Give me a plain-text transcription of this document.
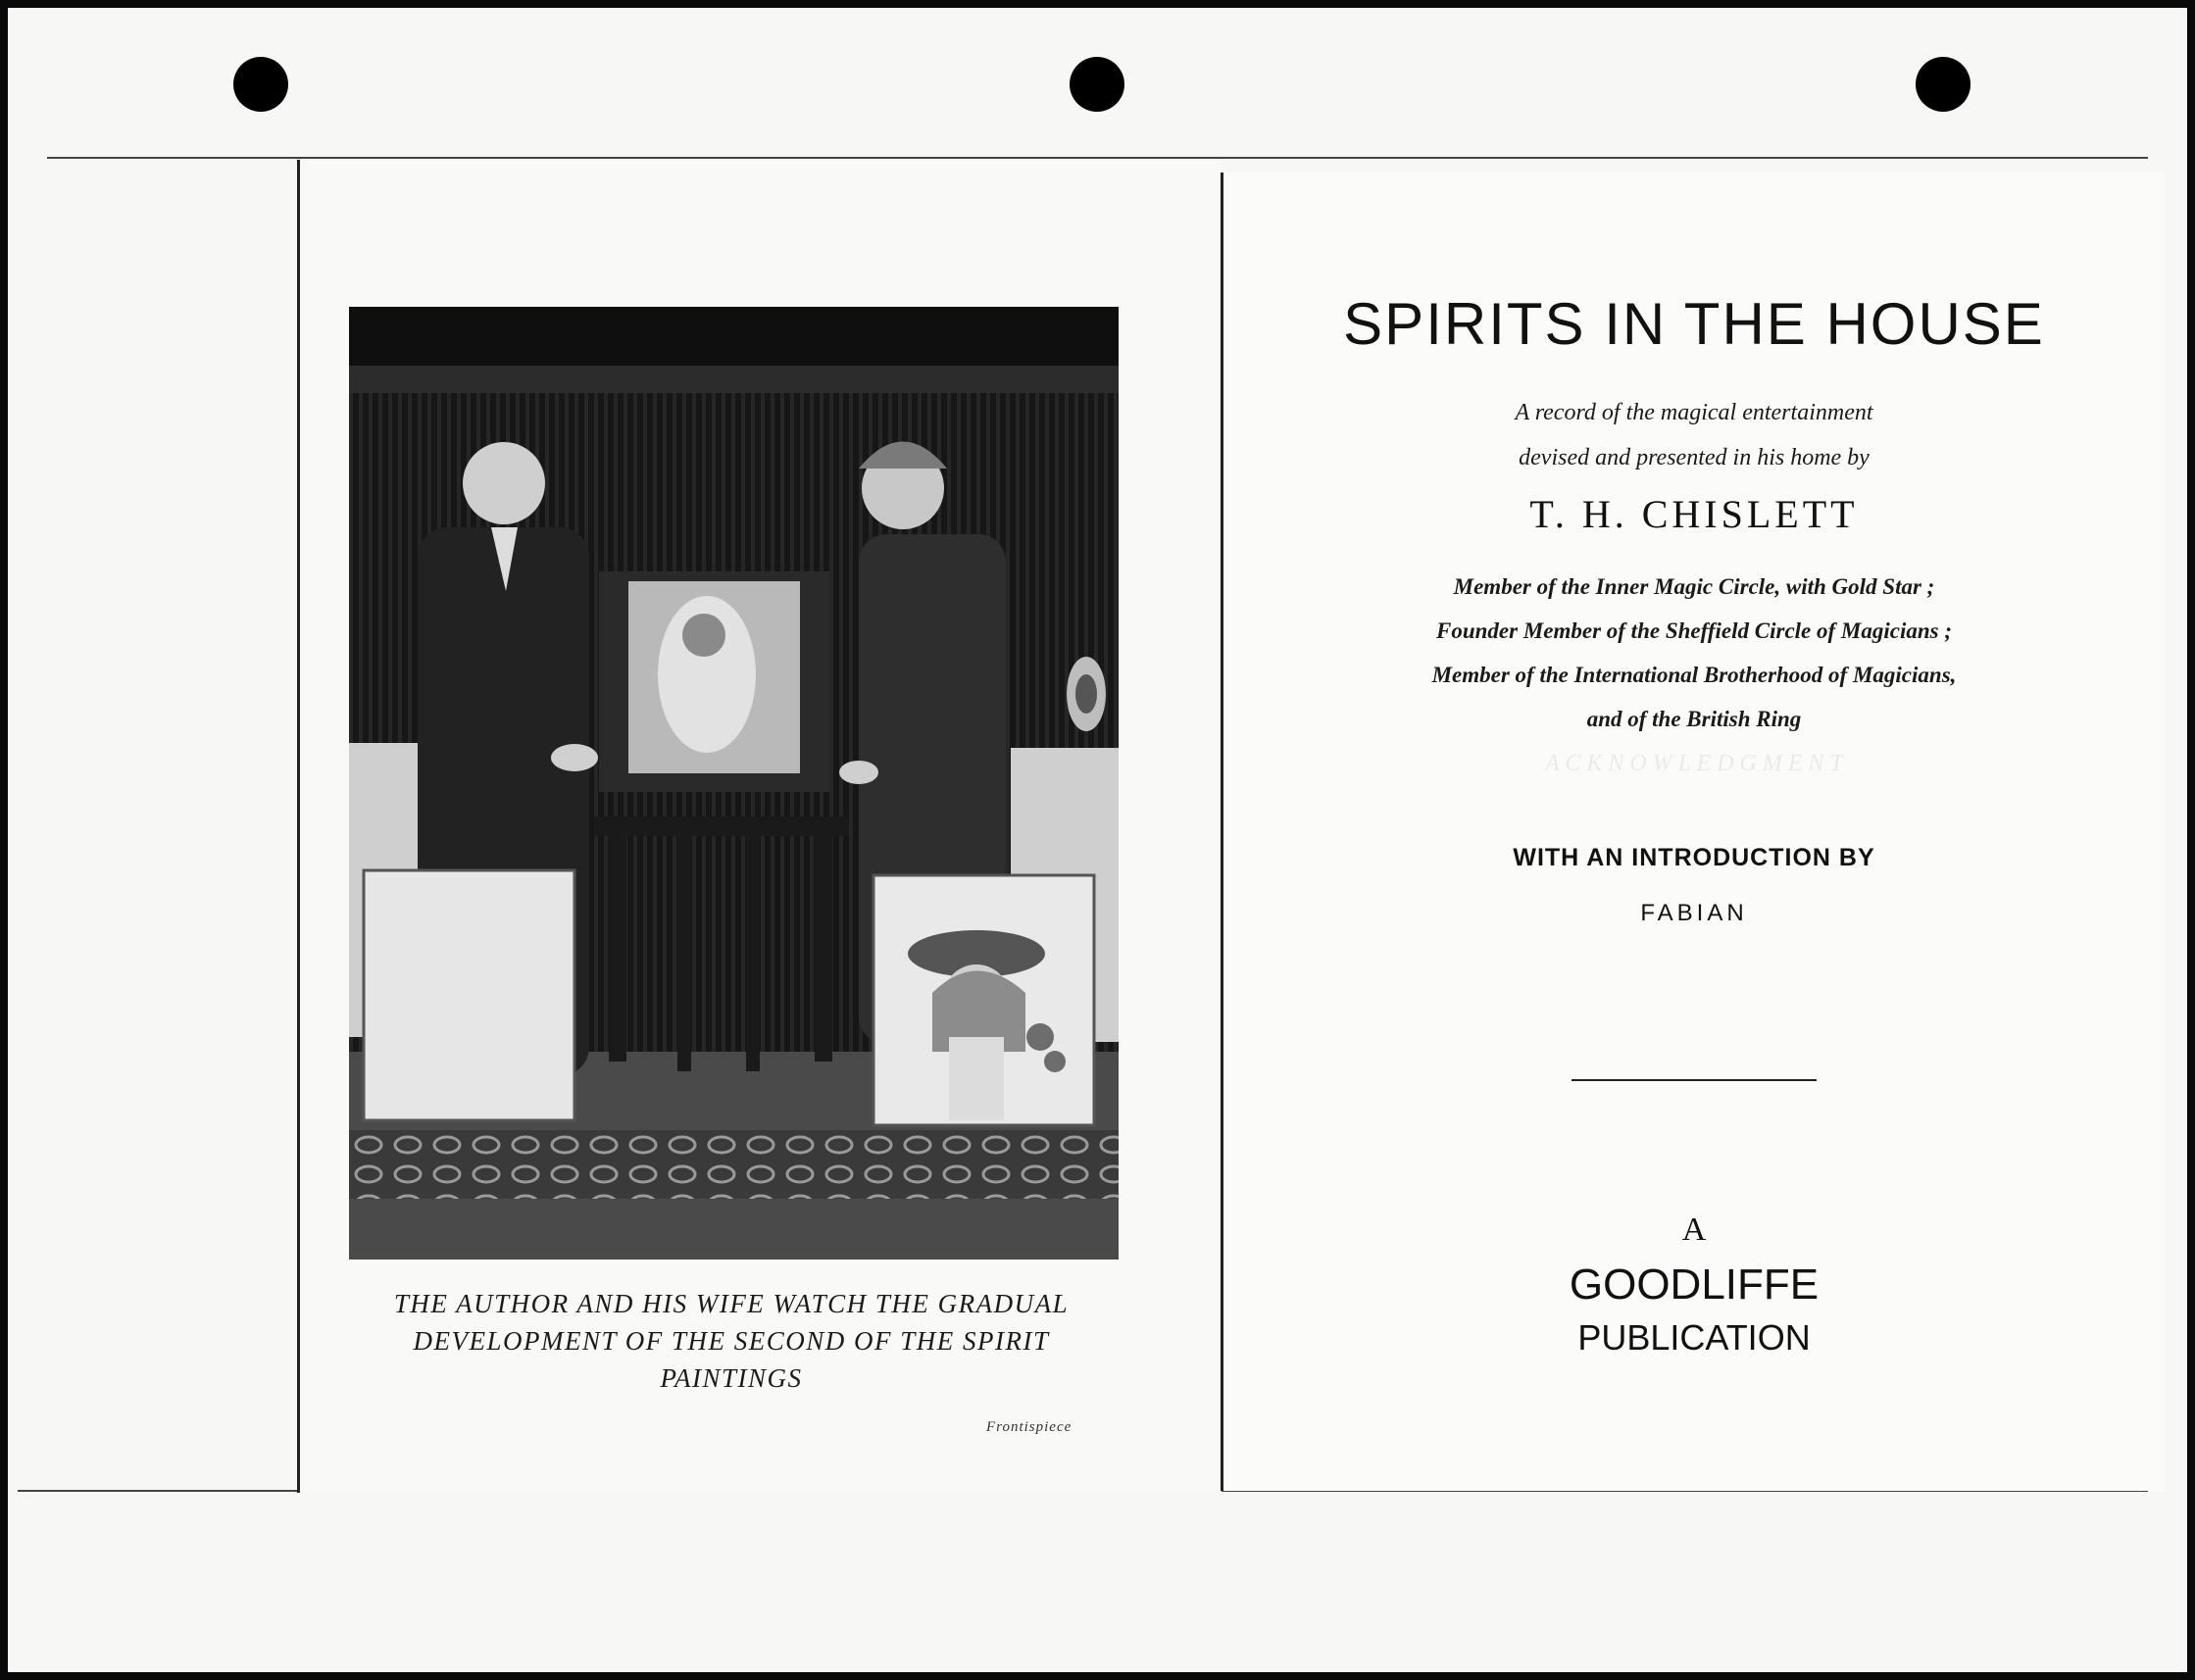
THE AUTHOR AND HIS WIFE WATCH THE GRADUAL
DEVELOPMENT OF THE SECOND OF THE SPIRIT
PAINTINGS
Frontispiece
A C K N O W L E D G M E N T
SPIRITS IN THE HOUSE
A record of the magical entertainment
devised and presented in his home by
T. H. CHISLETT
Member of the Inner Magic Circle, with Gold Star ;
Founder Member of the Sheffield Circle of Magicians ;
Member of the International Brotherhood of Magicians,
and of the British Ring
WITH AN INTRODUCTION BY
FABIAN
A
GOODLIFFE
PUBLICATION
